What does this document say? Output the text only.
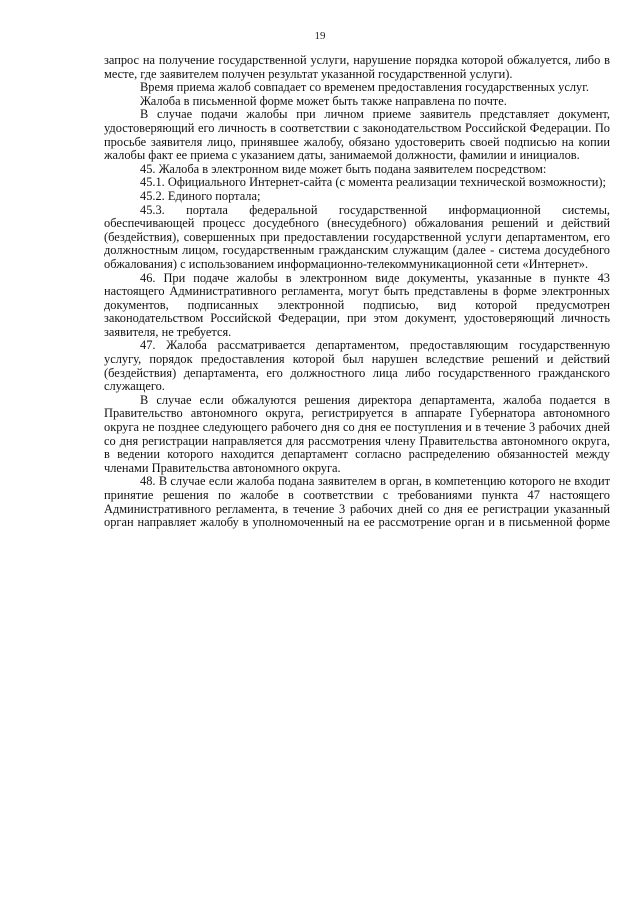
19

запрос на получение государственной услуги, нарушение порядка которой обжалуется, либо в месте, где заявителем получен результат указанной государственной услуги).

Время приема жалоб совпадает со временем предоставления государственных услуг.

Жалоба в письменной форме может быть также направлена по почте.

В случае подачи жалобы при личном приеме заявитель представляет документ, удостоверяющий его личность в соответствии с законодательством Российской Федерации. По просьбе заявителя лицо, принявшее жалобу, обязано удостоверить своей подписью на копии жалобы факт ее приема с указанием даты, занимаемой должности, фамилии и инициалов.

45. Жалоба в электронном виде может быть подана заявителем посредством:

45.1. Официального Интернет-сайта (с момента реализации технической возможности);

45.2. Единого портала;

45.3. портала федеральной государственной информационной системы, обеспечивающей процесс досудебного (внесудебного) обжалования решений и действий (бездействия), совершенных при предоставлении государственной услуги департаментом, его должностным лицом, государственным гражданским служащим (далее - система досудебного обжалования) с использованием информационно-телекоммуникационной сети «Интернет».

46. При подаче жалобы в электронном виде документы, указанные в пункте 43 настоящего Административного регламента, могут быть представлены в форме электронных документов, подписанных электронной подписью, вид которой предусмотрен законодательством Российской Федерации, при этом документ, удостоверяющий личность заявителя, не требуется.

47. Жалоба рассматривается департаментом, предоставляющим государственную услугу, порядок предоставления которой был нарушен вследствие решений и действий (бездействия) департамента, его должностного лица либо государственного гражданского служащего.

В случае если обжалуются решения директора департамента, жалоба подается в Правительство автономного округа, регистрируется в аппарате Губернатора автономного округа не позднее следующего рабочего дня со дня ее поступления и в течение 3 рабочих дней со дня регистрации направляется для рассмотрения члену Правительства автономного округа, в ведении которого находится департамент согласно распределению обязанностей между членами Правительства автономного округа.

48. В случае если жалоба подана заявителем в орган, в компетенцию которого не входит принятие решения по жалобе в соответствии с требованиями пункта 47 настоящего Административного регламента, в течение 3 рабочих дней со дня ее регистрации указанный орган направляет жалобу в уполномоченный на ее рассмотрение орган и в письменной форме
